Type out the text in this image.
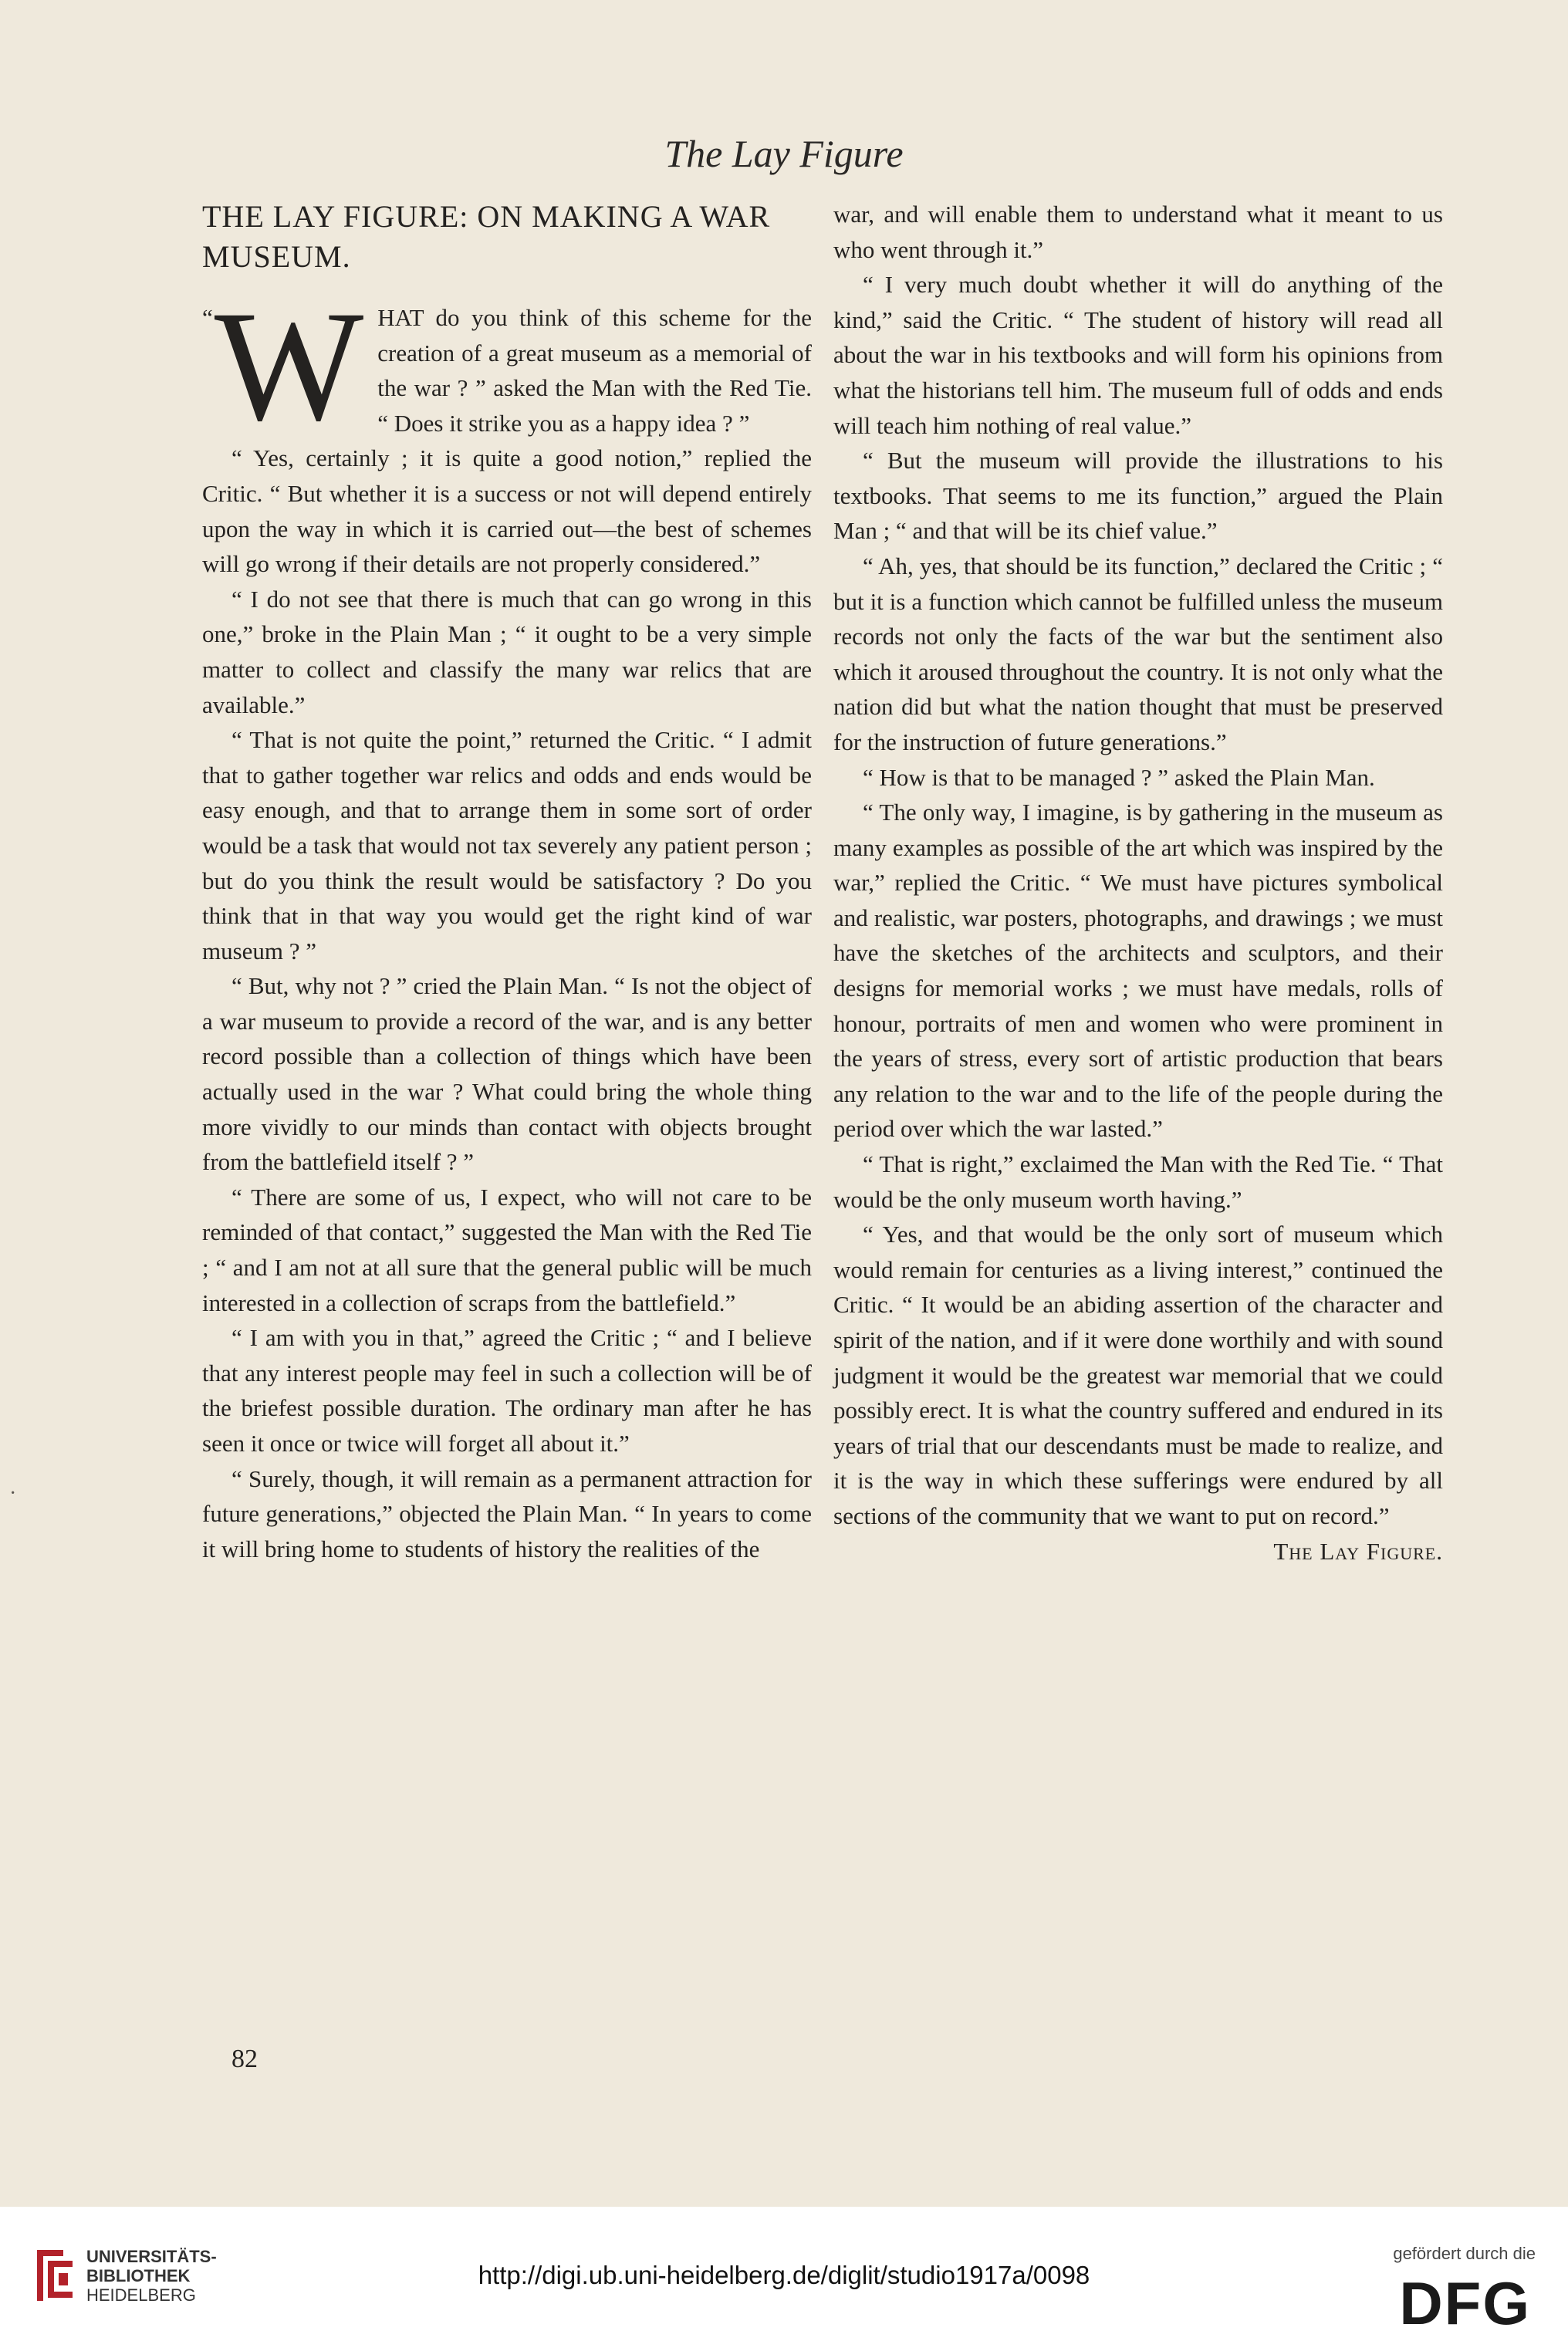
The Lay Figure
THE LAY FIGURE: ON MAKING A WAR MUSEUM.

“ W HAT do you think of this scheme for the creation of a great museum as a memorial of the war ? ” asked the Man with the Red Tie. “ Does it strike you as a happy idea ? ”

“ Yes, certainly ; it is quite a good notion,” replied the Critic. “ But whether it is a success or not will depend entirely upon the way in which it is carried out—the best of schemes will go wrong if their details are not properly considered.”

“ I do not see that there is much that can go wrong in this one,” broke in the Plain Man ; “ it ought to be a very simple matter to collect and classify the many war relics that are available.”

“ That is not quite the point,” returned the Critic. “ I admit that to gather together war relics and odds and ends would be easy enough, and that to arrange them in some sort of order would be a task that would not tax severely any patient person ; but do you think the result would be satisfactory ? Do you think that in that way you would get the right kind of war museum ? ”

“ But, why not ? ” cried the Plain Man. “ Is not the object of a war museum to provide a record of the war, and is any better record possible than a collection of things which have been actually used in the war ? What could bring the whole thing more vividly to our minds than contact with objects brought from the battlefield itself ? ”

“ There are some of us, I expect, who will not care to be reminded of that contact,” suggested the Man with the Red Tie ; “ and I am not at all sure that the general public will be much interested in a collection of scraps from the battlefield.”

“ I am with you in that,” agreed the Critic ; “ and I believe that any interest people may feel in such a collection will be of the briefest possible duration. The ordinary man after he has seen it once or twice will forget all about it.”

“ Surely, though, it will remain as a permanent attraction for future generations,” objected the Plain Man. “ In years to come it will bring home to students of history the realities of the

war, and will enable them to understand what it meant to us who went through it.”

“ I very much doubt whether it will do anything of the kind,” said the Critic. “ The student of history will read all about the war in his textbooks and will form his opinions from what the historians tell him. The museum full of odds and ends will teach him nothing of real value.”

“ But the museum will provide the illustrations to his textbooks. That seems to me its function,” argued the Plain Man ; “ and that will be its chief value.”

“ Ah, yes, that should be its function,” declared the Critic ; “ but it is a function which cannot be fulfilled unless the museum records not only the facts of the war but the sentiment also which it aroused throughout the country. It is not only what the nation did but what the nation thought that must be preserved for the instruction of future generations.”

“ How is that to be managed ? ” asked the Plain Man.

“ The only way, I imagine, is by gathering in the museum as many examples as possible of the art which was inspired by the war,” replied the Critic. “ We must have pictures symbolical and realistic, war posters, photographs, and drawings ; we must have the sketches of the architects and sculptors, and their designs for memorial works ; we must have medals, rolls of honour, portraits of men and women who were prominent in the years of stress, every sort of artistic production that bears any relation to the war and to the life of the people during the period over which the war lasted.”

“ That is right,” exclaimed the Man with the Red Tie. “ That would be the only museum worth having.”

“ Yes, and that would be the only sort of museum which would remain for centuries as a living interest,” continued the Critic. “ It would be an abiding assertion of the character and spirit of the nation, and if it were done worthily and with sound judgment it would be the greatest war memorial that we could possibly erect. It is what the country suffered and endured in its years of trial that our descendants must be made to realize, and it is the way in which these sufferings were endured by all sections of the community that we want to put on record.”
The Lay Figure.

82
·
UNIVERSITÄTS-
BIBLIOTHEK
HEIDELBERG
http://digi.ub.uni-heidelberg.de/diglit/studio1917a/0098
gefördert durch die
DFG
